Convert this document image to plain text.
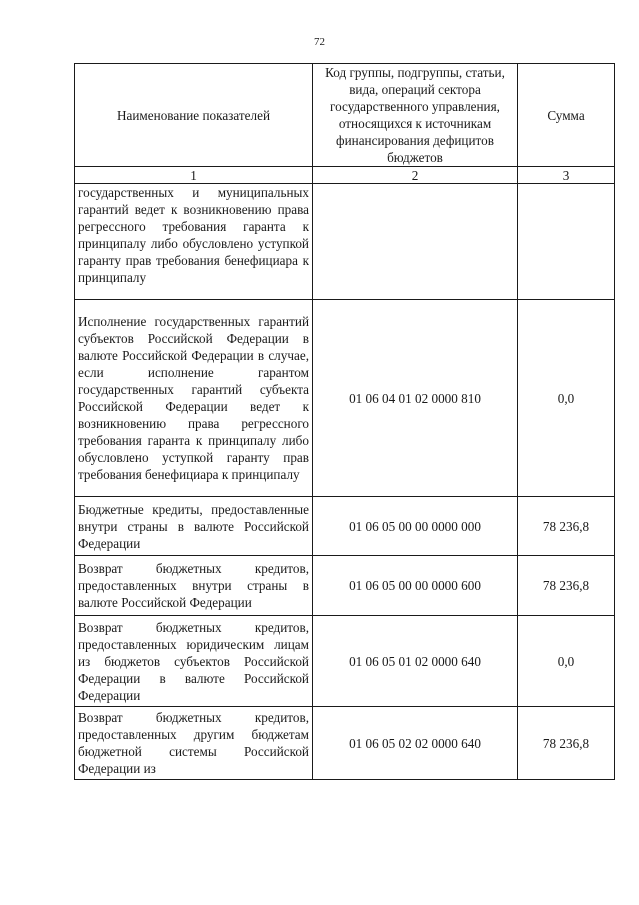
72
Наименование показателей	Код группы, подгруппы, статьи, вида, операций сектора государственного управления, относящихся к источникам финансирования дефицитов бюджетов	Сумма
1	2	3
государственных и муниципальных гарантий ведет к возникновению права регрессного требования гаранта к принципалу либо обусловлено уступкой гаранту прав требования бенефициара к принципалу		
Исполнение государственных гарантий субъектов Российской Федерации в валюте Российской Федерации в случае, если исполнение гарантом государственных гарантий субъекта Российской Федерации ведет к возникновению права регрессного требования гаранта к принципалу либо обусловлено уступкой гаранту прав требования бенефициара к принципалу	01 06 04 01 02 0000 810	0,0
Бюджетные кредиты, предоставленные внутри страны в валюте Российской Федерации	01 06 05 00 00 0000 000	78 236,8
Возврат бюджетных кредитов, предоставленных внутри страны в валюте Российской Федерации	01 06 05 00 00 0000 600	78 236,8
Возврат бюджетных кредитов, предоставленных юридическим лицам из бюджетов субъектов Российской Федерации в валюте Российской Федерации	01 06 05 01 02 0000 640	0,0
Возврат бюджетных кредитов, предоставленных другим бюджетам бюджетной системы Российской Федерации из	01 06 05 02 02 0000 640	78 236,8
